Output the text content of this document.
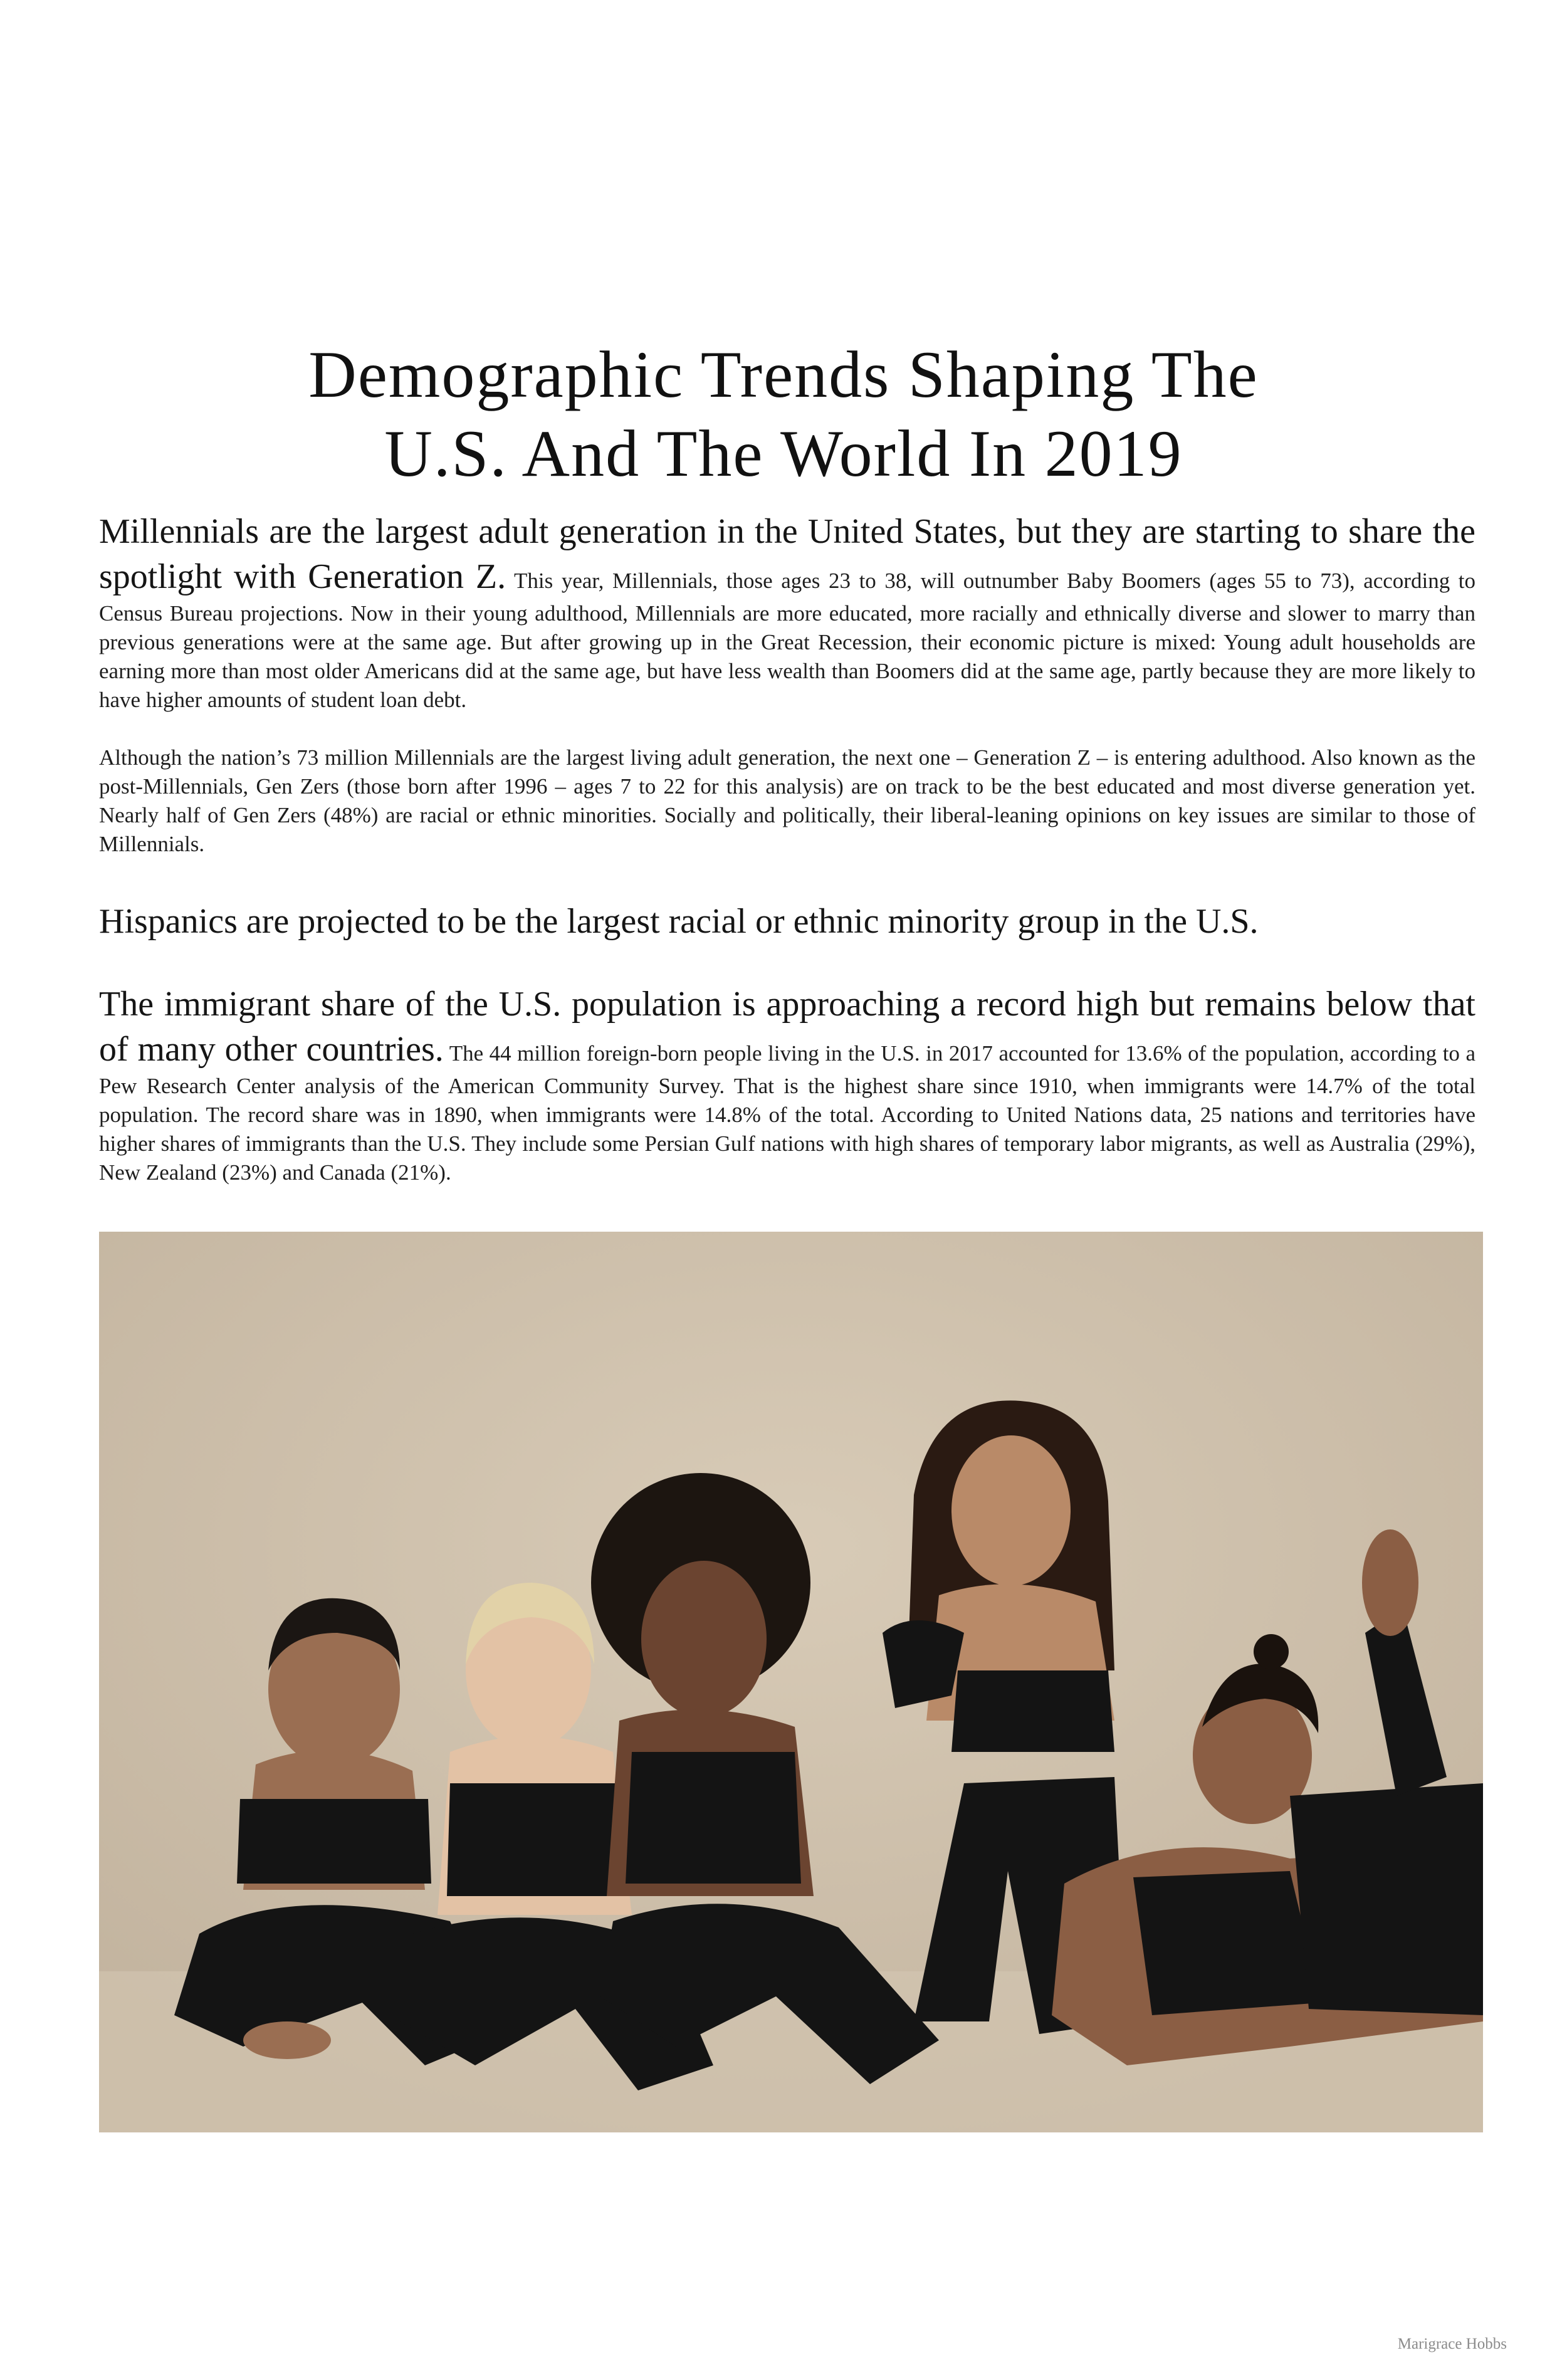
Demographic Trends Shaping The
U.S. And The World In 2019

Millennials are the largest adult generation in the United States, but they are starting to share the spotlight with Generation Z. This year, Millennials, those ages 23 to 38, will outnumber Baby Boomers (ages 55 to 73), according to Census Bureau projections. Now in their young adulthood, Millennials are more educated, more racially and ethnically diverse and slower to marry than previous generations were at the same age. But after growing up in the Great Recession, their economic picture is mixed: Young adult households are earning more than most older Americans did at the same age, but have less wealth than Boomers did at the same age, partly because they are more likely to have higher amounts of student loan debt.

Although the nation’s 73 million Millennials are the largest living adult generation, the next one – Generation Z – is entering adulthood. Also known as the post-Millennials, Gen Zers (those born after 1996 – ages 7 to 22 for this analysis) are on track to be the best educated and most diverse generation yet. Nearly half of Gen Zers (48%) are racial or ethnic minorities. Socially and politically, their liberal-leaning opinions on key issues are similar to those of Millennials.

Hispanics are projected to be the largest racial or ethnic minority group in the U.S.

The immigrant share of the U.S. population is approaching a record high but remains below that of many other countries. The 44 million foreign-born people living in the U.S. in 2017 accounted for 13.6% of the population, according to a Pew Research Center analysis of the American Community Survey. That is the highest share since 1910, when immigrants were 14.7% of the total population. The record share was in 1890, when immigrants were 14.8% of the total. According to United Nations data, 25 nations and territories have higher shares of immigrants than the U.S. They include some Persian Gulf nations with high shares of temporary labor migrants, as well as Australia (29%), New Zealand (23%) and Canada (21%).

Marigrace Hobbs
